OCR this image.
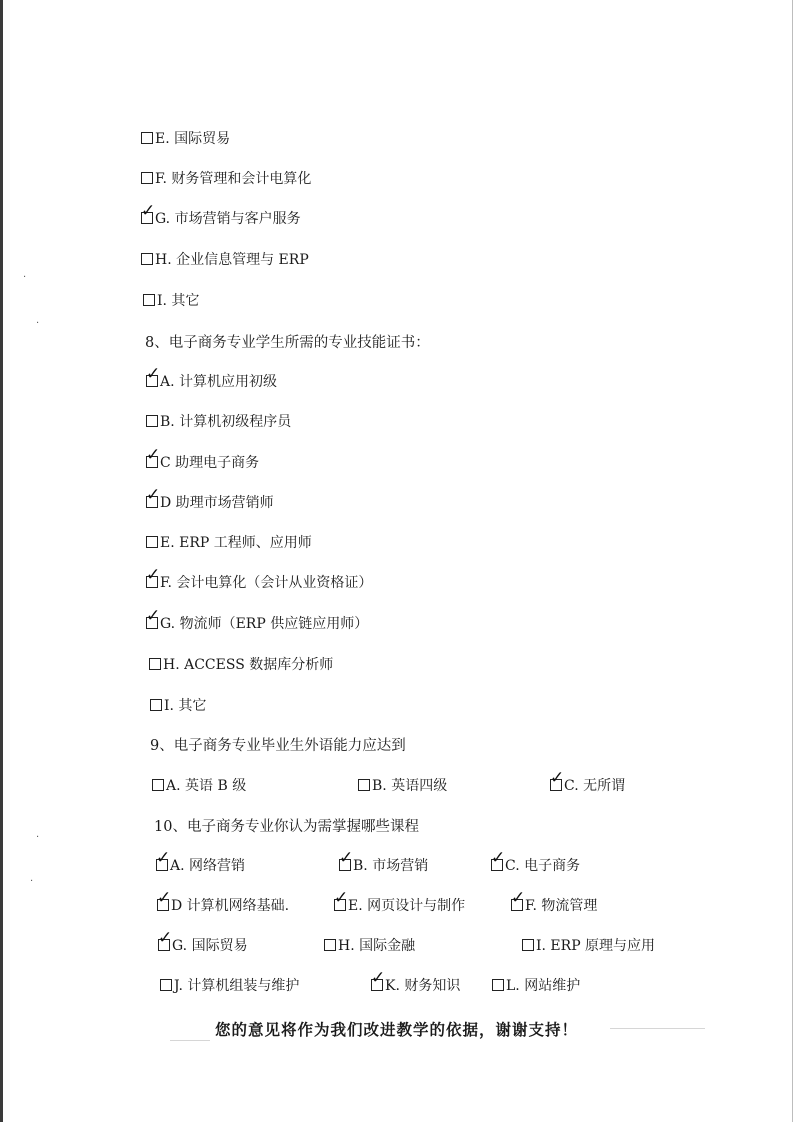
E. 国际贸易
F. 财务管理和会计电算化
✓
G. 市场营销与客户服务
H. 企业信息管理与 ERP
I. 其它
8、电子商务专业学生所需的专业技能证书：
✓
A. 计算机应用初级
B. 计算机初级程序员
✓
C 助理电子商务
✓
D 助理市场营销师
E. ERP 工程师、应用师
✓
F. 会计电算化（会计从业资格证）
✓
G. 物流师（ERP 供应链应用师）
H. ACCESS 数据库分析师
I. 其它
9、电子商务专业毕业生外语能力应达到
A. 英语 B 级	B. 英语四级 ✓	C. 无所谓
10、电子商务专业你认为需掌握哪些课程
✓
A. 网络营销 ✓	B. 市场营销 ✓	C. 电子商务
✓
D 计算机网络基础. ✓	E. 网页设计与制作 ✓	F. 物流管理
✓
G. 国际贸易	H. 国际金融	I. ERP 原理与应用
J. 计算机组装与维护 ✓	K. 财务知识	L. 网站维护
您的意见将作为我们改进教学的依据，谢谢支持！
·
·
·
·
